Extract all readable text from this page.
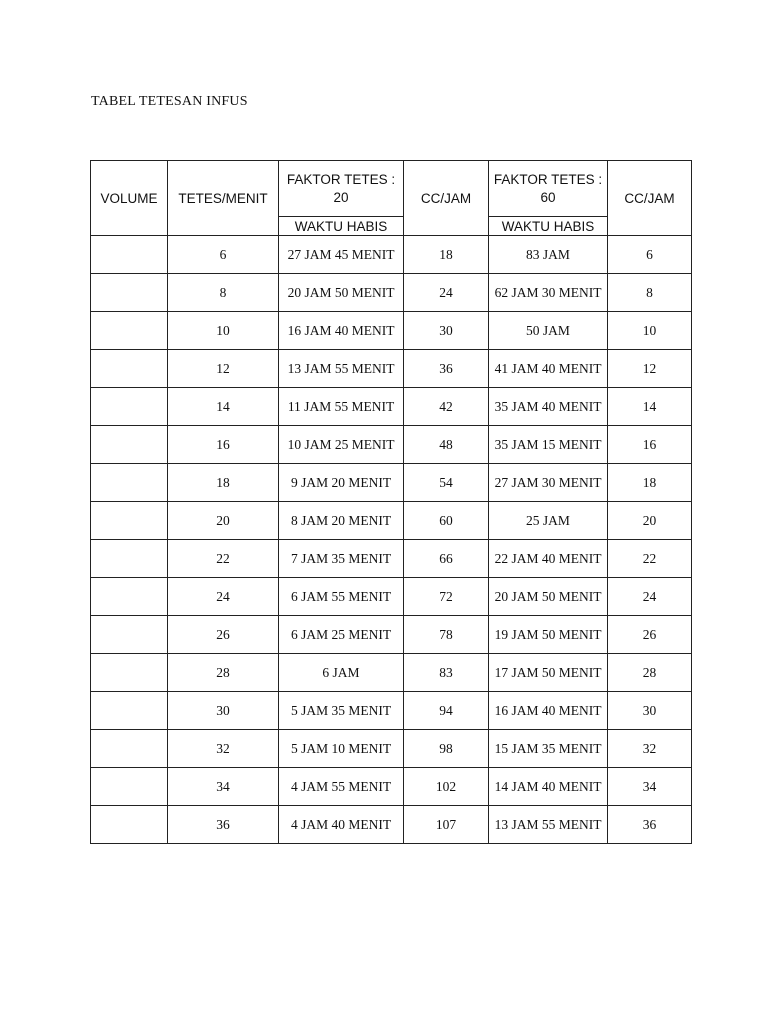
TABEL TETESAN INFUS
VOLUME	TETES/MENIT	FAKTOR TETES : 20	CC/JAM	FAKTOR TETES : 60	CC/JAM
		WAKTU HABIS		WAKTU HABIS	
	6	27 JAM 45 MENIT	18	83 JAM	6
	8	20 JAM 50 MENIT	24	62 JAM 30 MENIT	8
	10	16 JAM 40 MENIT	30	50 JAM	10
	12	13 JAM 55 MENIT	36	41 JAM 40 MENIT	12
	14	11 JAM 55 MENIT	42	35 JAM 40 MENIT	14
	16	10 JAM 25 MENIT	48	35 JAM 15 MENIT	16
	18	9 JAM 20 MENIT	54	27 JAM 30 MENIT	18
	20	8 JAM 20 MENIT	60	25 JAM	20
	22	7 JAM 35 MENIT	66	22 JAM 40 MENIT	22
	24	6 JAM 55 MENIT	72	20 JAM 50 MENIT	24
	26	6 JAM 25 MENIT	78	19 JAM 50 MENIT	26
	28	6 JAM	83	17 JAM 50 MENIT	28
	30	5 JAM 35 MENIT	94	16 JAM 40 MENIT	30
	32	5 JAM 10 MENIT	98	15 JAM 35 MENIT	32
	34	4 JAM 55 MENIT	102	14 JAM 40 MENIT	34
	36	4 JAM 40 MENIT	107	13 JAM 55 MENIT	36
